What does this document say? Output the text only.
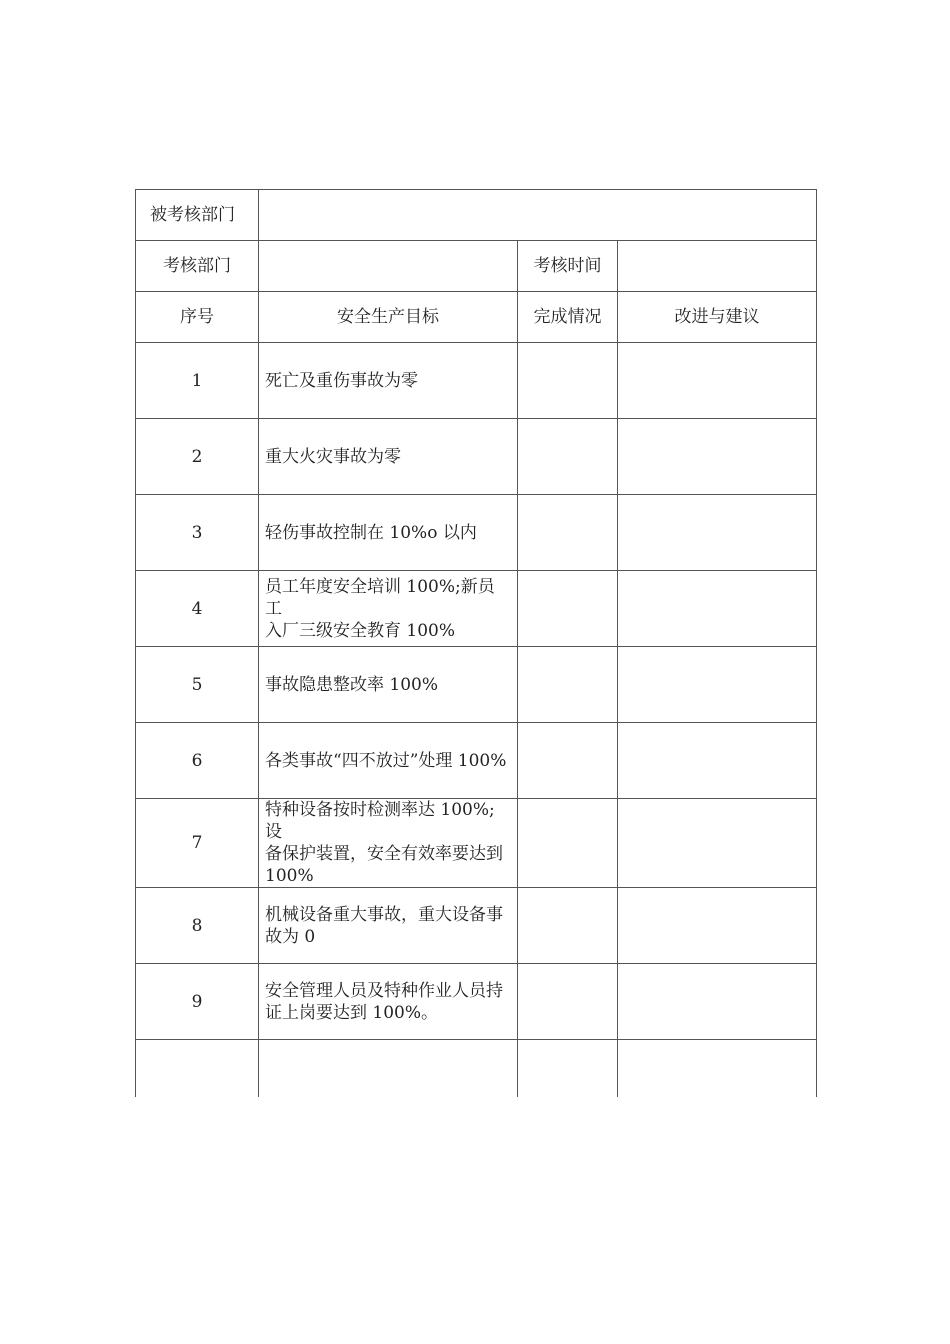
被考核部门			
考核部门		考核时间	
序号	安全生产目标	完成情况	改进与建议
1	死亡及重伤事故为零		
2	重大火灾事故为零		
3	轻伤事故控制在 10%o 以内		
4	员工年度安全培训 100%;新员工
入厂三级安全教育 100%		
5	事故隐患整改率 100%		
6	各类事故“四不放过”处理 100%		
7	特种设备按时检测率达 100%;设
备保护装置，安全有效率要达到
100%		
8	机械设备重大事故，重大设备事
故为 0		
9	安全管理人员及特种作业人员持
证上岗要达到 100%。		
